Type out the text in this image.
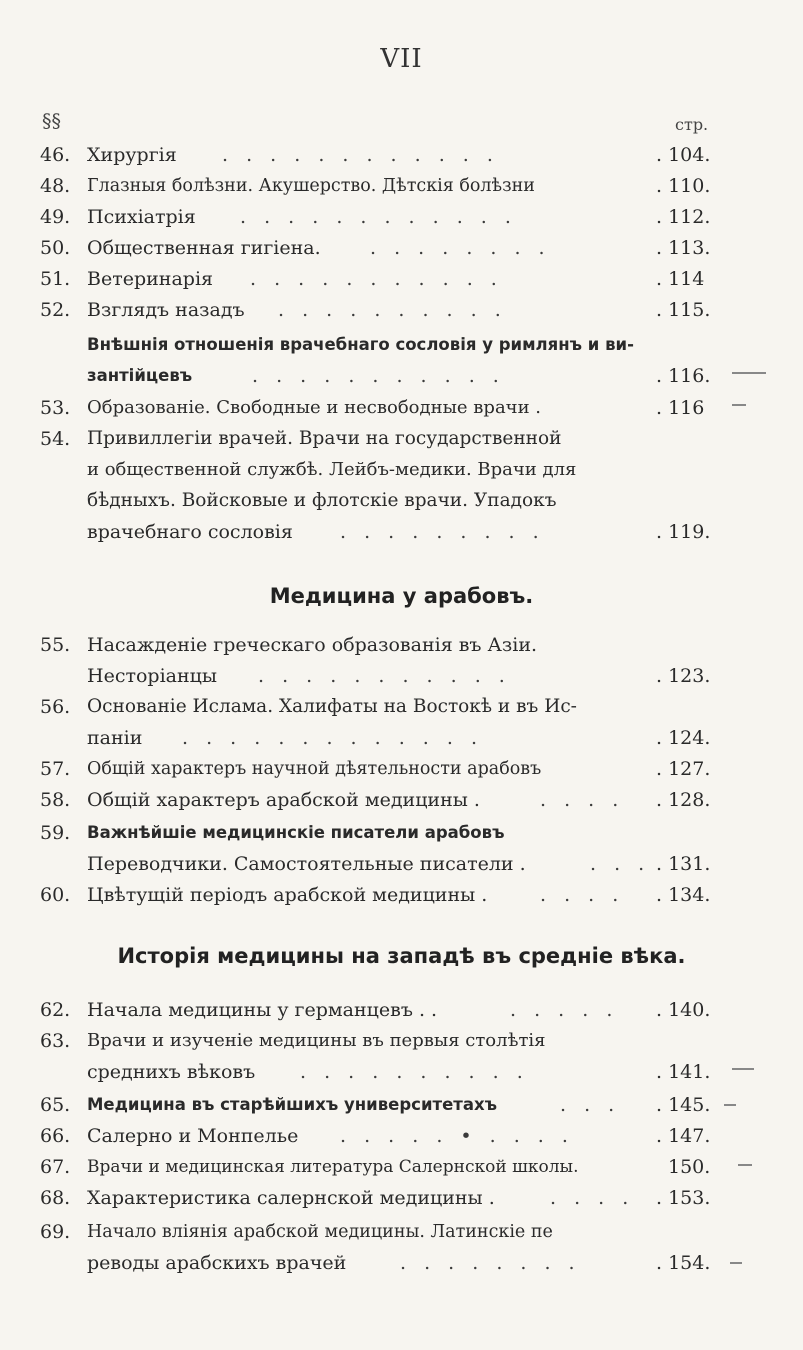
VII
§§	стр.
46. Хирургія . . . . . . . . . . . .	. 104.
48. Глазныя болѣзни. Акушерство. Дѣтскія болѣзни	. 110.
49. Психіатрія . . . . . . . . . . . .	. 112.
50. Общественная гигіена.	. . . . . . . .	. 113.
51. Ветеринарія . . . . . . . . . . .	. 114
52. Взглядъ назадъ . . . . . . . . . .	. 115.
Внѣшнія отношенія врачебнаго сословія у римлянъ и ви-
зантійцевъ	. . . . . . . . . . .	. 116.
53. Образованіе. Свободные и несвободные врачи .	. 116
54. Привиллегіи врачей. Врачи на государственной
и общественной службѣ. Лейбъ-медики. Врачи для
бѣдныхъ. Войсковые и флотскіе врачи. Упадокъ
врачебнаго сословія . . . . . . . . .	. 119.
Медицина у арабовъ.
55. Насажденіе греческаго образованія въ Азіи.
Несторіанцы . . . . . . . . . . .	. 123.
56. Основаніе Ислама. Халифаты на Востокѣ и въ Ис-
паніи . . . . . . . . . . . . .	. 124.
57. Общій характеръ научной дѣятельности арабовъ	. 127.
58. Общій характеръ арабской медицины .	. . . .	. 128.
59.	Важнѣйшіе медицинскіе писатели арабовъ
Переводчики. Самостоятельные писатели .	. . . . 131.
60. Цвѣтущій періодъ арабской медицины .	. . . .	. 134.
Исторія медицины на западѣ въ средніе вѣка.
62. Начала медицины у германцевъ . .	. . . . .	. 140.
63. Врачи и изученіе медицины въ первыя столѣтія
среднихъ вѣковъ . . . . . . . . . .	. 141.
65.	Медицина въ старѣйшихъ университетахъ	. . .	. 145.
66. Салерно и Монпелье . . . . . • . . . .	. 147.
67. Врачи и медицинская литература Салернской школы.	150.
68. Характеристика салернской медицины .	. . . .	. 153.
69. Начало вліянія арабской медицины. Латинскіе пе
реводы арабскихъ врачей	. . . . . . . .	. 154.
